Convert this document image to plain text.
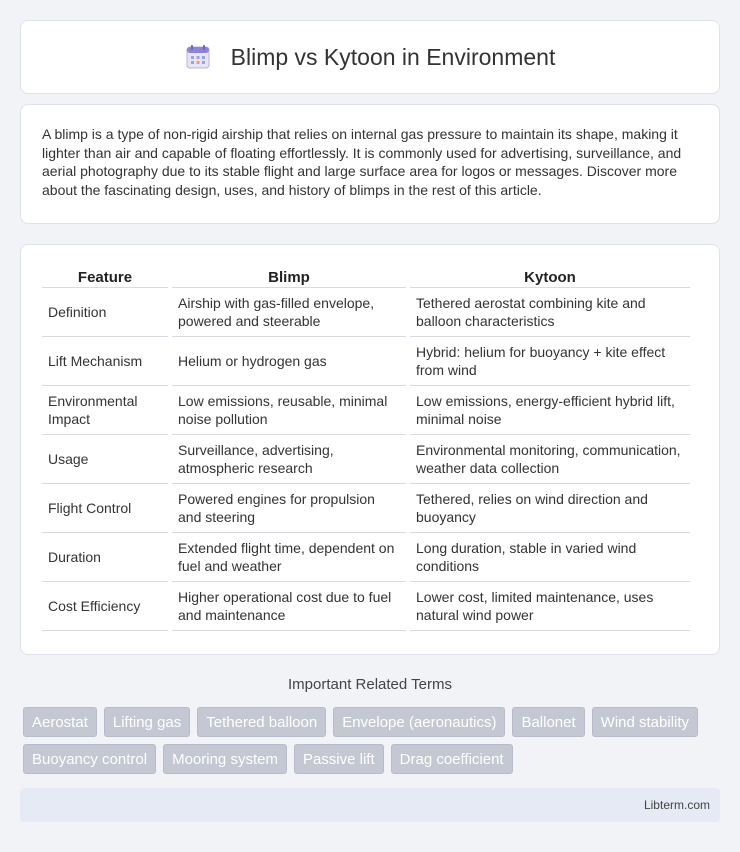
Blimp vs Kytoon in Environment

A blimp is a type of non-rigid airship that relies on internal gas pressure to maintain its shape, making it lighter than air and capable of floating effortlessly. It is commonly used for advertising, surveillance, and aerial photography due to its stable flight and large surface area for logos or messages. Discover more about the fascinating design, uses, and history of blimps in the rest of this article.

Feature	Blimp	Kytoon
Definition	Airship with gas-filled envelope, powered and steerable	Tethered aerostat combining kite and balloon characteristics
Lift Mechanism	Helium or hydrogen gas	Hybrid: helium for buoyancy + kite effect from wind
Environmental Impact	Low emissions, reusable, minimal noise pollution	Low emissions, energy-efficient hybrid lift, minimal noise
Usage	Surveillance, advertising, atmospheric research	Environmental monitoring, communication, weather data collection
Flight Control	Powered engines for propulsion and steering	Tethered, relies on wind direction and buoyancy
Duration	Extended flight time, dependent on fuel and weather	Long duration, stable in varied wind conditions
Cost Efficiency	Higher operational cost due to fuel and maintenance	Lower cost, limited maintenance, uses natural wind power
Important Related Terms
Aerostat	Lifting gas	Tethered balloon	Envelope (aeronautics)	Ballonet	Wind stability
Buoyancy control	Mooring system	Passive lift	Drag coefficient
Libterm.com
